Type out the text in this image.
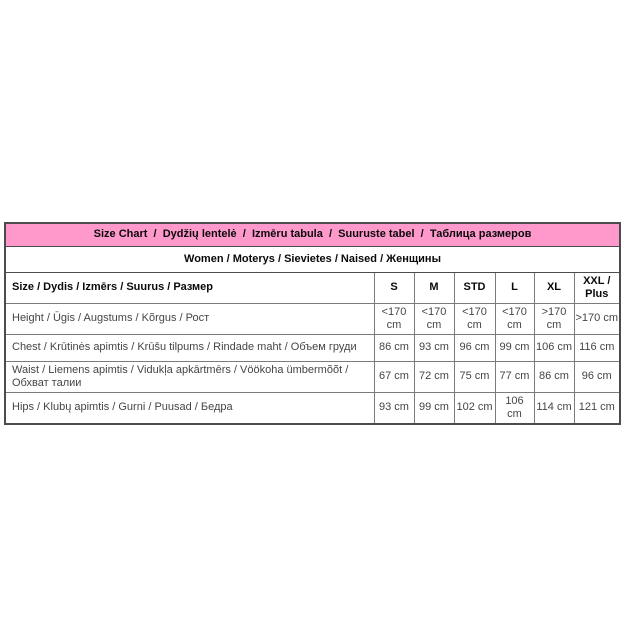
Size Chart  /  Dydžių lentelė  /  Izmēru tabula  /  Suuruste tabel  /  Таблица размеров						
Women / Moterys / Sievietes / Naised / Женщины						
Size / Dydis / Izmērs / Suurus / Размер	S	M	STD	L	XL	XXL / Plus
Height / Ūgis / Augstums / Kõrgus / Рост	<170 cm	<170 cm	<170 cm	<170 cm	>170 cm	>170 cm
Chest / Krūtinės apimtis / Krūšu tilpums / Rindade maht / Объем груди	86 cm	93 cm	96 cm	99 cm	106 cm	116 cm
Waist / Liemens apimtis / Vidukļa apkārtmērs / Vöökoha ümbermõõt / Обхват талии	67 cm	72 cm	75 cm	77 cm	86 cm	96 cm
Hips / Klubų apimtis / Gurni / Puusad / Бедра	93 cm	99 cm	102 cm	106 cm	114 cm	121 cm
